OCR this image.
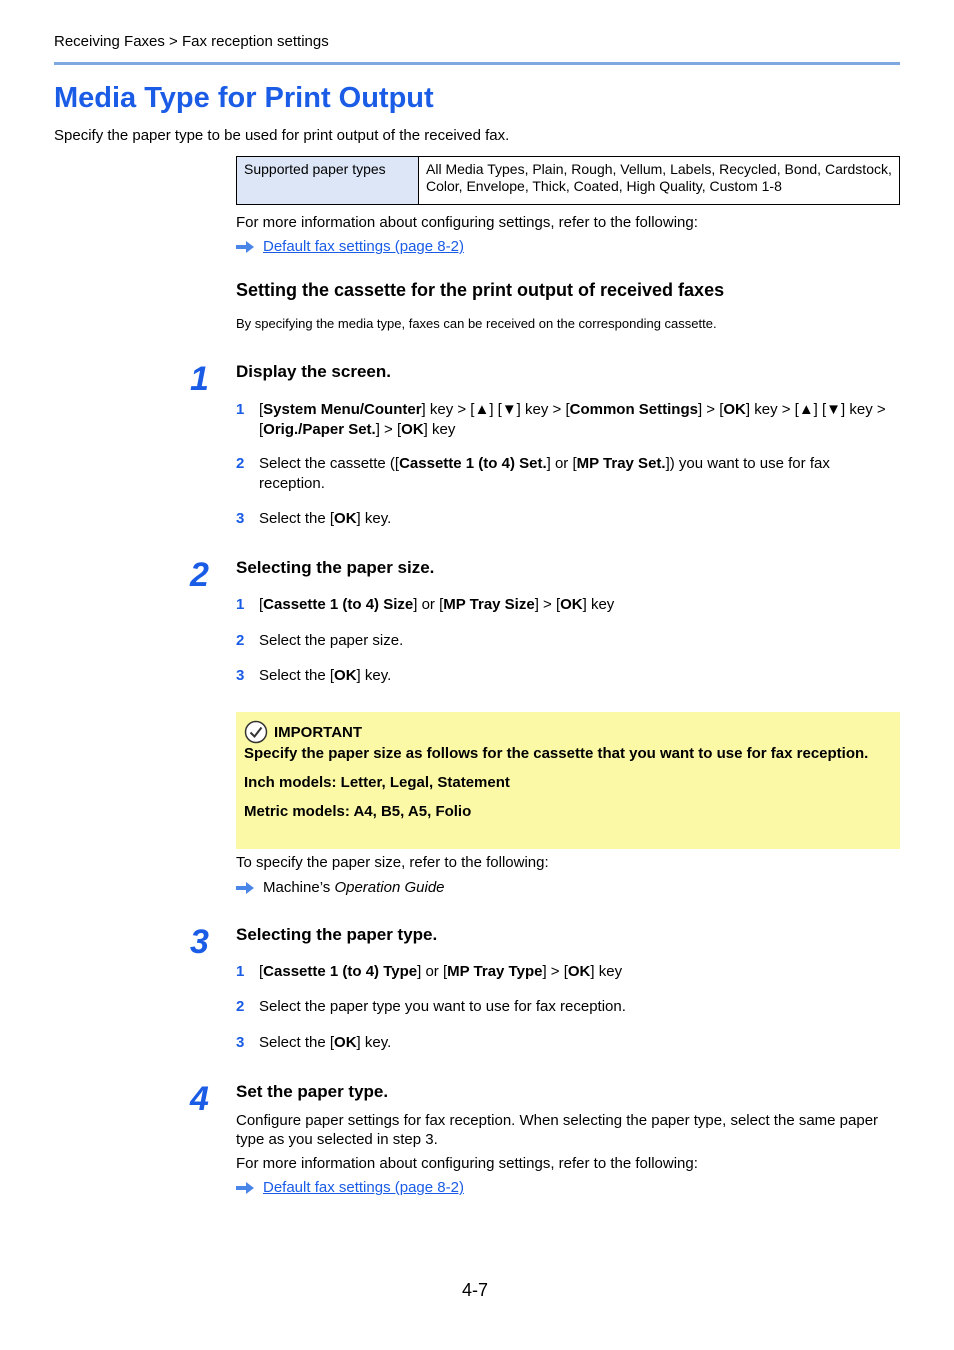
Receiving Faxes > Fax reception settings
Media Type for Print Output
Specify the paper type to be used for print output of the received fax.
Supported paper types	All Media Types, Plain, Rough, Vellum, Labels, Recycled, Bond, Cardstock, Color, Envelope, Thick, Coated, High Quality, Custom 1-8
For more information about configuring settings, refer to the following:
Default fax settings (page 8-2)
Setting the cassette for the print output of received faxes
By specifying the media type, faxes can be received on the corresponding cassette.
1 Display the screen.
1 [System Menu/Counter] key > [▲] [▼] key > [Common Settings] > [OK] key > [▲] [▼] key > [Orig./Paper Set.] > [OK] key
2 Select the cassette ([Cassette 1 (to 4) Set.] or [MP Tray Set.]) you want to use for fax reception.
3 Select the [OK] key.
2 Selecting the paper size.
1 [Cassette 1 (to 4) Size] or [MP Tray Size] > [OK] key
2 Select the paper size.
3 Select the [OK] key.
IMPORTANT
Specify the paper size as follows for the cassette that you want to use for fax reception.
Inch models: Letter, Legal, Statement
Metric models: A4, B5, A5, Folio
To specify the paper size, refer to the following:
Machine’s
Operation Guide
3 Selecting the paper type.
1 [Cassette 1 (to 4) Type] or [MP Tray Type] > [OK] key
2 Select the paper type you want to use for fax reception.
3 Select the [OK] key.
4 Set the paper type.
Configure paper settings for fax reception. When selecting the paper type, select the same paper type as you selected in step 3.
For more information about configuring settings, refer to the following:
Default fax settings (page 8-2)
4-7
